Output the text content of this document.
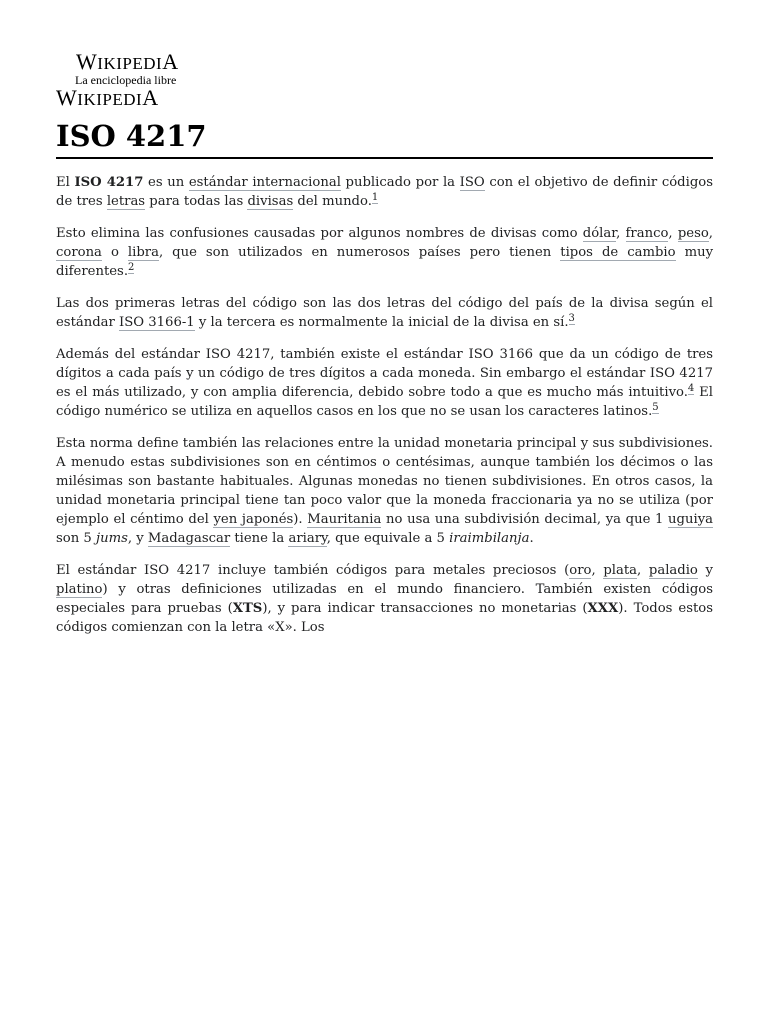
WIKIPEDIA
La enciclopedia libre
WIKIPEDIA
ISO 4217

El ISO 4217 es un estándar internacional publicado por la ISO con el objetivo de definir códigos de tres letras para todas las divisas del mundo.$^1$

Esto elimina las confusiones causadas por algunos nombres de divisas como dólar, franco, peso, corona o libra, que son utilizados en numerosos países pero tienen tipos de cambio muy diferentes.$^2$

Las dos primeras letras del código son las dos letras del código del país de la divisa según el estándar ISO 3166-1 y la tercera es normalmente la inicial de la divisa en sí.$^3$

Además del estándar ISO 4217, también existe el estándar ISO 3166 que da un código de tres dígitos a cada país y un código de tres dígitos a cada moneda. Sin embargo el estándar ISO 4217 es el más utilizado, y con amplia diferencia, debido sobre todo a que es mucho más intuitivo.$^4$ El código numérico se utiliza en aquellos casos en los que no se usan los caracteres latinos.$^5$

Esta norma define también las relaciones entre la unidad monetaria principal y sus subdivisiones. A menudo estas subdivisiones son en céntimos o centésimas, aunque también los décimos o las milésimas son bastante habituales. Algunas monedas no tienen subdivisiones. En otros casos, la unidad monetaria principal tiene tan poco valor que la moneda fraccionaria ya no se utiliza (por ejemplo el céntimo del yen japonés). Mauritania no usa una subdivisión decimal, ya que 1 uguiya son 5 jums, y Madagascar tiene la ariary, que equivale a 5 iraimbilanja.

El estándar ISO 4217 incluye también códigos para metales preciosos (oro, plata, paladio y platino) y otras definiciones utilizadas en el mundo financiero. También existen códigos especiales para pruebas (XTS), y para indicar transacciones no monetarias (XXX). Todos estos códigos comienzan con la letra «X». Los
